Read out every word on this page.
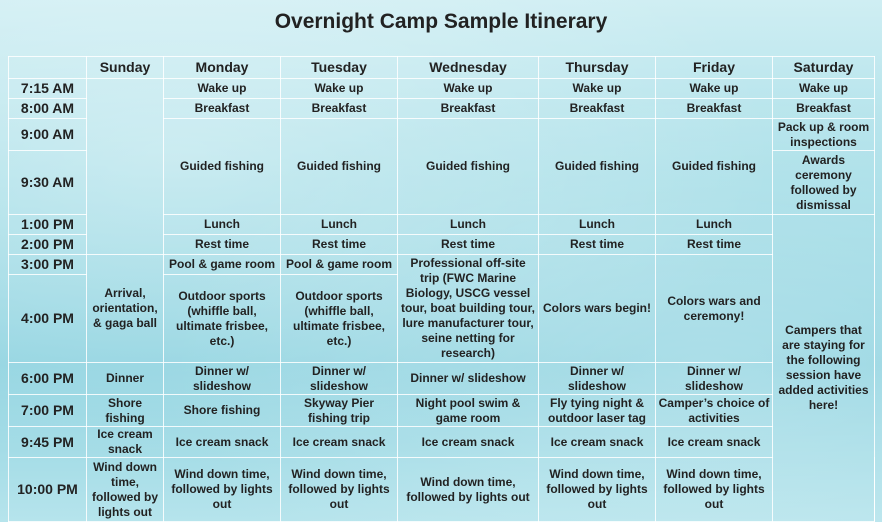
Overnight Camp Sample Itinerary
	Sunday	Monday	Tuesday	Wednesday	Thursday	Friday	Saturday	
7:15 AM		Wake up	Wake up	Wake up	Wake up	Wake up	Wake up	
8:00 AM		Breakfast	Breakfast	Breakfast	Breakfast	Breakfast	Breakfast	
9:00 AM		Guided fishing	Guided fishing	Guided fishing	Guided fishing	Guided fishing	Pack up & room inspections	
9:30 AM							Awards ceremony followed by dismissal	
1:00 PM		Lunch	Lunch	Lunch	Lunch	Lunch	Campers that are staying for the following session have added activities here!	
2:00 PM		Rest time	Rest time	Rest time	Rest time	Rest time		
3:00 PM	Arrival, orientation, & gaga ball	Pool & game room	Pool & game room	Professional off-site trip (FWC Marine Biology, USCG vessel tour, boat building tour, lure manufacturer tour, seine netting for research)	Colors wars begin!	Colors wars and ceremony!		
4:00 PM		Outdoor sports (whiffle ball, ultimate frisbee, etc.)	Outdoor sports (whiffle ball, ultimate frisbee, etc.)					
6:00 PM	Dinner	Dinner w/ slideshow	Dinner w/ slideshow	Dinner w/ slideshow	Dinner w/ slideshow	Dinner w/ slideshow		
7:00 PM	Shore fishing	Shore fishing	Skyway Pier fishing trip	Night pool swim & game room	Fly tying night & outdoor laser tag	Camper’s choice of activities		
9:45 PM	Ice cream snack	Ice cream snack	Ice cream snack	Ice cream snack	Ice cream snack	Ice cream snack		
10:00 PM	Wind down time, followed by lights out	Wind down time, followed by lights out	Wind down time, followed by lights out	Wind down time, followed by lights out	Wind down time, followed by lights out	Wind down time, followed by lights out		
